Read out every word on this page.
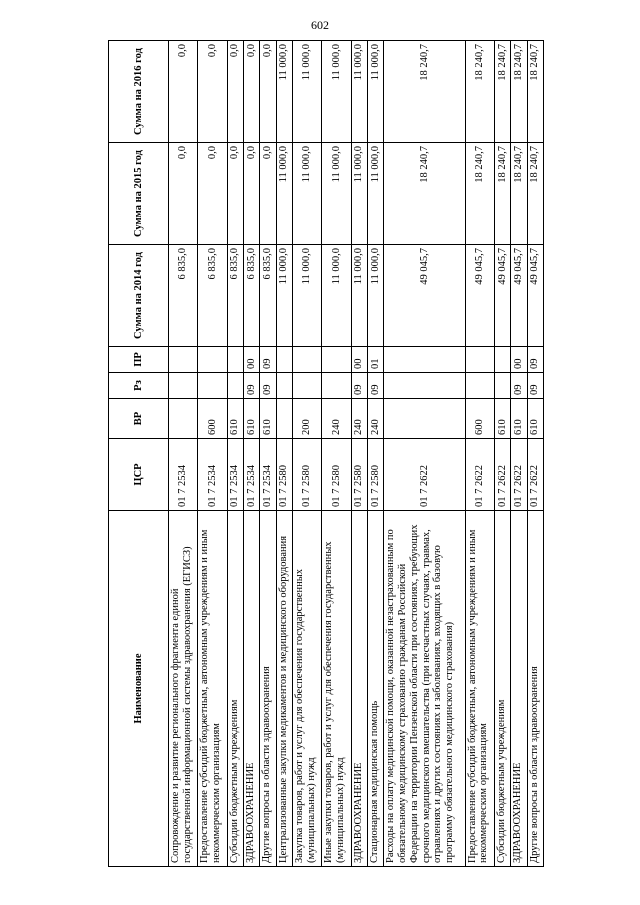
602
Наименование	ЦСР	ВР	Рз	ПР	Сумма на 2014 год	Сумма на 2015 год	Сумма на 2016 год
Сопровождение и развитие регионального фрагмента единой государственной информационной системы здравоохранения (ЕГИСЗ)	01 7 2534				6 835,0	0,0	0,0
Предоставление субсидий бюджетным, автономным учреждениям и иным некоммерческим организациям	01 7 2534	600			6 835,0	0,0	0,0
Субсидии бюджетным учреждениям	01 7 2534	610			6 835,0	0,0	0,0
ЗДРАВООХРАНЕНИЕ	01 7 2534	610	09	00	6 835,0	0,0	0,0
Другие вопросы в области здравоохранения	01 7 2534	610	09	09	6 835,0	0,0	0,0
Централизованные закупки медикаментов и медицинского оборудования	01 7 2580				11 000,0	11 000,0	11 000,0
Закупка товаров, работ и услуг для обеспечения государственных (муниципальных) нужд	01 7 2580	200			11 000,0	11 000,0	11 000,0
Иные закупки товаров, работ и услуг для обеспечения государственных (муниципальных) нужд	01 7 2580	240			11 000,0	11 000,0	11 000,0
ЗДРАВООХРАНЕНИЕ	01 7 2580	240	09	00	11 000,0	11 000,0	11 000,0
Стационарная медицинская помощь	01 7 2580	240	09	01	11 000,0	11 000,0	11 000,0
Расходы на оплату медицинской помощи, оказанной незастрахованным по обязательному медицинскому страхованию гражданам Российской Федерации на территории Пензенской области при состояниях, требующих срочного медицинского вмешательства (при несчастных случаях, травмах, отравлениях и других состояниях и заболеваниях, входящих в базовую программу обязательного медицинского страхования)	01 7 2622				49 045,7	18 240,7	18 240,7
Предоставление субсидий бюджетным, автономным учреждениям и иным некоммерческим организациям	01 7 2622	600			49 045,7	18 240,7	18 240,7
Субсидии бюджетным учреждениям	01 7 2622	610			49 045,7	18 240,7	18 240,7
ЗДРАВООХРАНЕНИЕ	01 7 2622	610	09	00	49 045,7	18 240,7	18 240,7
Другие вопросы в области здравоохранения	01 7 2622	610	09	09	49 045,7	18 240,7	18 240,7
